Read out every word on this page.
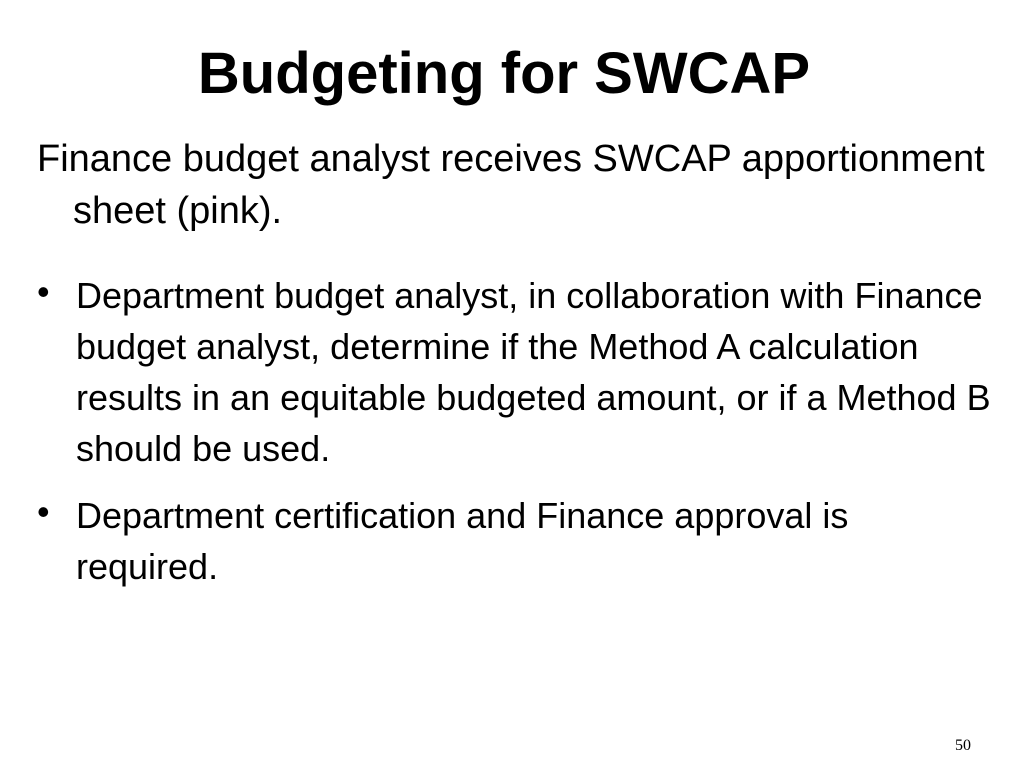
Budgeting for SWCAP

Finance budget analyst receives SWCAP apportionment sheet (pink).

• Department budget analyst, in collaboration with Finance budget analyst, determine if the Method A calculation results in an equitable budgeted amount, or if a Method B should be used.
• Department certification and Finance approval is required.
50
